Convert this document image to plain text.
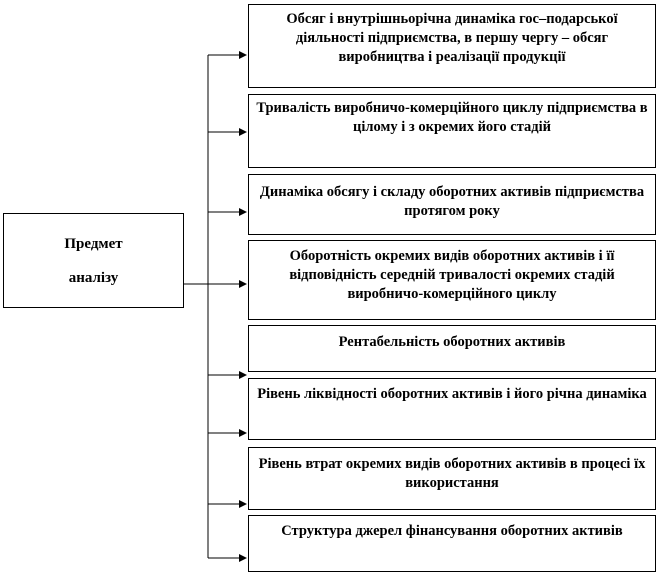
Предмет
аналізу
Обсяг і внутрішньорічна динаміка гос–подарської діяльності підприємства, в першу чергу – обсяг виробництва і реалізації продукції
Тривалість виробничо-комерційного циклу підприємства в цілому і з окремих його стадій
Динаміка обсягу і складу оборотних активів підприємства протягом року
Оборотність окремих видів оборотних активів і її відповідність середній тривалості окремих стадій виробничо-комерційного циклу
Рентабельність оборотних активів
Рівень ліквідності оборотних активів і його річна динаміка
Рівень втрат окремих видів оборотних активів в процесі їх використання
Структура джерел фінансування оборотних активів
